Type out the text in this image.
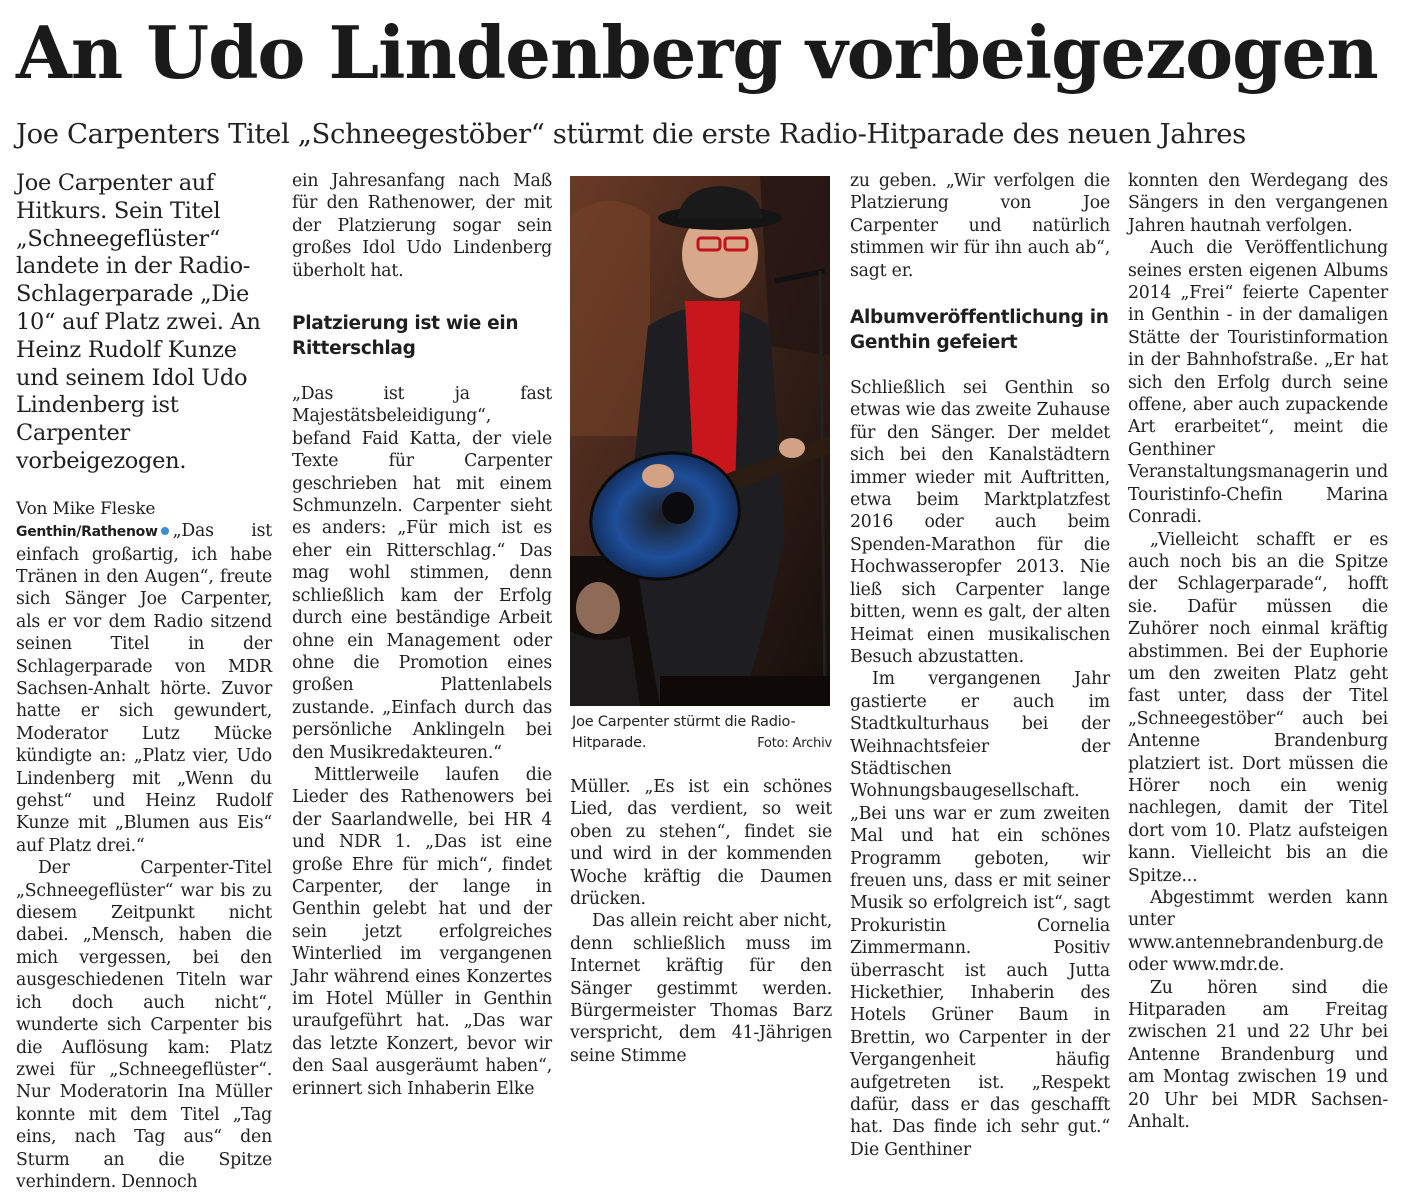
An Udo Lindenberg vorbeigezogen
Joe Carpenters Titel „Schneegestöber“ stürmt die erste Radio-Hitparade des neuen Jahres

Joe Carpenter auf Hitkurs. Sein Titel „Schneegeflüster“ landete in der Radio-Schlagerparade „Die 10“ auf Platz zwei. An Heinz Rudolf Kunze und seinem Idol Udo Lindenberg ist Carpenter vorbeigezogen.

Von Mike Fleske

Genthin/Rathenow „Das ist einfach großartig, ich habe Tränen in den Augen“, freute sich Sänger Joe Carpenter, als er vor dem Radio sitzend seinen Titel in der Schlagerparade von MDR Sachsen-Anhalt hörte. Zuvor hatte er sich gewundert, Moderator Lutz Mücke kündigte an: „Platz vier, Udo Lindenberg mit „Wenn du gehst“ und Heinz Rudolf Kunze mit „Blumen aus Eis“ auf Platz drei.“

Der Carpenter-Titel „Schneegeflüster“ war bis zu diesem Zeitpunkt nicht dabei. „Mensch, haben die mich vergessen, bei den ausgeschiedenen Titeln war ich doch auch nicht“, wunderte sich Carpenter bis die Auflösung kam: Platz zwei für „Schneegeflüster“. Nur Moderatorin Ina Müller konnte mit dem Titel „Tag eins, nach Tag aus“ den Sturm an die Spitze verhindern. Dennoch

ein Jahresanfang nach Maß für den Rathenower, der mit der Platzierung sogar sein großes Idol Udo Lindenberg überholt hat.

Platzierung ist wie ein Ritterschlag

„Das ist ja fast Majestätsbeleidigung“, befand Faid Katta, der viele Texte für Carpenter geschrieben hat mit einem Schmunzeln. Carpenter sieht es anders: „Für mich ist es eher ein Ritterschlag.“ Das mag wohl stimmen, denn schließlich kam der Erfolg durch eine beständige Arbeit ohne ein Management oder ohne die Promotion eines großen Plattenlabels zustande. „Einfach durch das persönliche Anklingeln bei den Musikredakteuren.“

Mittlerweile laufen die Lieder des Rathenowers bei der Saarlandwelle, bei HR 4 und NDR 1. „Das ist eine große Ehre für mich“, findet Carpenter, der lange in Genthin gelebt hat und der sein jetzt erfolgreiches Winterlied im vergangenen Jahr während eines Konzertes im Hotel Müller in Genthin uraufgeführt hat. „Das war das letzte Konzert, bevor wir den Saal ausgeräumt haben“, erinnert sich Inhaberin Elke

Joe Carpenter stürmt die Radio-Hitparade.	Foto: Archiv

Müller. „Es ist ein schönes Lied, das verdient, so weit oben zu stehen“, findet sie und wird in der kommenden Woche kräftig die Daumen drücken.

Das allein reicht aber nicht, denn schließlich muss im Internet kräftig für den Sänger gestimmt werden. Bürgermeister Thomas Barz verspricht, dem 41-Jährigen seine Stimme

zu geben. „Wir verfolgen die Platzierung von Joe Carpenter und natürlich stimmen wir für ihn auch ab“, sagt er.

Albumveröffentlichung in Genthin gefeiert

Schließlich sei Genthin so etwas wie das zweite Zuhause für den Sänger. Der meldet sich bei den Kanalstädtern immer wieder mit Auftritten, etwa beim Marktplatzfest 2016 oder auch beim Spenden-Marathon für die Hochwasseropfer 2013. Nie ließ sich Carpenter lange bitten, wenn es galt, der alten Heimat einen musikalischen Besuch abzustatten.

Im vergangenen Jahr gastierte er auch im Stadtkulturhaus bei der Weihnachtsfeier der Städtischen Wohnungsbaugesellschaft. „Bei uns war er zum zweiten Mal und hat ein schönes Programm geboten, wir freuen uns, dass er mit seiner Musik so erfolgreich ist“, sagt Prokuristin Cornelia Zimmermann. Positiv überrascht ist auch Jutta Hickethier, Inhaberin des Hotels Grüner Baum in Brettin, wo Carpenter in der Vergangenheit häufig aufgetreten ist. „Respekt dafür, dass er das geschafft hat. Das finde ich sehr gut.“ Die Genthiner

konnten den Werdegang des Sängers in den vergangenen Jahren hautnah verfolgen.

Auch die Veröffentlichung seines ersten eigenen Albums 2014 „Frei“ feierte Capenter in Genthin - in der damaligen Stätte der Touristinformation in der Bahnhofstraße. „Er hat sich den Erfolg durch seine offene, aber auch zupackende Art erarbeitet“, meint die Genthiner Veranstaltungsmanagerin und Touristinfo-Chefin Marina Conradi.

„Vielleicht schafft er es auch noch bis an die Spitze der Schlagerparade“, hofft sie. Dafür müssen die Zuhörer noch einmal kräftig abstimmen. Bei der Euphorie um den zweiten Platz geht fast unter, dass der Titel „Schneegestöber“ auch bei Antenne Brandenburg platziert ist. Dort müssen die Hörer noch ein wenig nachlegen, damit der Titel dort vom 10. Platz aufsteigen kann. Vielleicht bis an die Spitze...

Abgestimmt werden kann unter www.antennebrandenburg.de oder www.mdr.de.

Zu hören sind die Hitparaden am Freitag zwischen 21 und 22 Uhr bei Antenne Brandenburg und am Montag zwischen 19 und 20 Uhr bei MDR Sachsen-Anhalt.
